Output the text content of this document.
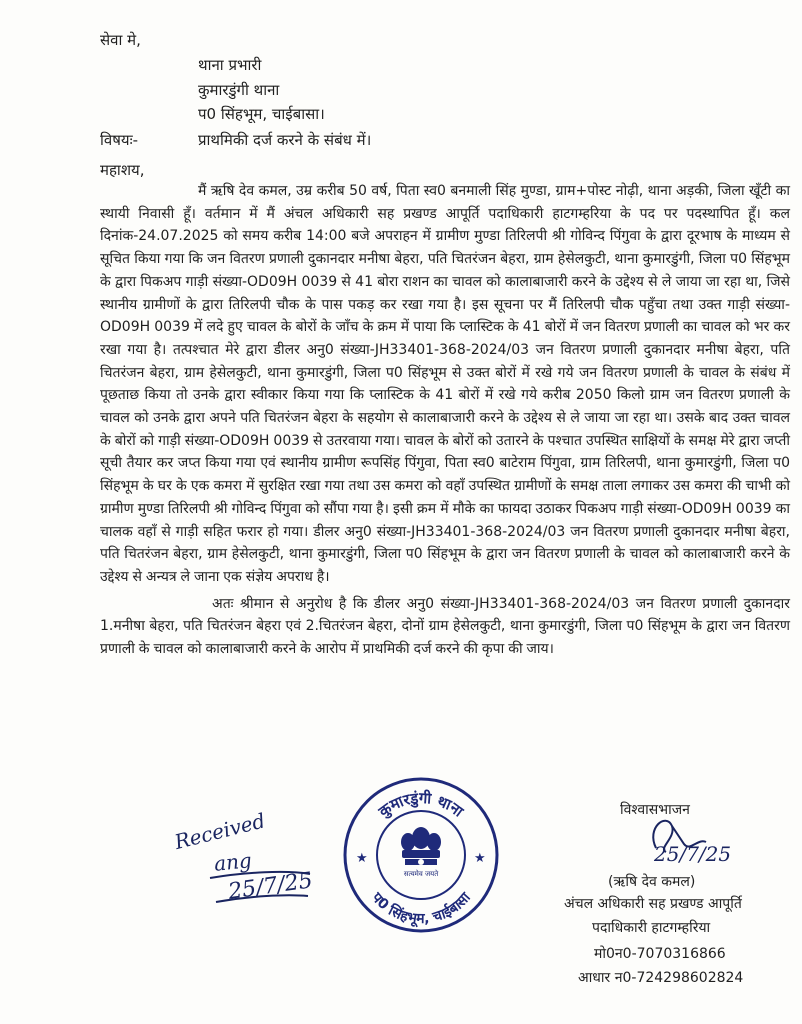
सेवा मे,
थाना प्रभारी
कुमारडुंगी थाना
प0 सिंहभूम, चाईबासा।
विषयः-	प्राथमिकी दर्ज करने के संबंध में।
महाशय,

मैं ऋषि देव कमल, उम्र करीब 50 वर्ष, पिता स्व0 बनमाली सिंह मुण्डा, ग्राम+पोस्ट नोढ़ी, थाना अड़की, जिला खूँटी का स्थायी निवासी हूँ। वर्तमान में मैं अंचल अधिकारी सह प्रखण्ड आपूर्ति पदाधिकारी हाटगम्हरिया के पद पर पदस्थापित हूँ। कल दिनांक-24.07.2025 को समय करीब 14:00 बजे अपराहन में ग्रामीण मुण्डा तिरिलपी श्री गोविन्द पिंगुवा के द्वारा दूरभाष के माध्यम से सूचित किया गया कि जन वितरण प्रणाली दुकानदार मनीषा बेहरा, पति चितरंजन बेहरा, ग्राम हेसेलकुटी, थाना कुमारडुंगी, जिला प0 सिंहभूम के द्वारा पिकअप गाड़ी संख्या-OD09H 0039 से 41 बोरा राशन का चावल को कालाबाजारी करने के उद्देश्य से ले जाया जा रहा था, जिसे स्थानीय ग्रामीणों के द्वारा तिरिलपी चौक के पास पकड़ कर रखा गया है। इस सूचना पर मैं तिरिलपी चौक पहुँचा तथा उक्त गाड़ी संख्या-OD09H 0039 में लदे हुए चावल के बोरों के जाँच के क्रम में पाया कि प्लास्टिक के 41 बोरों में जन वितरण प्रणाली का चावल को भर कर रखा गया है। तत्पश्चात मेरे द्वारा डीलर अनु0 संख्या-JH33401-368-2024/03 जन वितरण प्रणाली दुकानदार मनीषा बेहरा, पति चितरंजन बेहरा, ग्राम हेसेलकुटी, थाना कुमारडुंगी, जिला प0 सिंहभूम से उक्त बोरों में रखे गये जन वितरण प्रणाली के चावल के संबंध में पूछताछ किया तो उनके द्वारा स्वीकार किया गया कि प्लास्टिक के 41 बोरों में रखे गये करीब 2050 किलो ग्राम जन वितरण प्रणाली के चावल को उनके द्वारा अपने पति चितरंजन बेहरा के सहयोग से कालाबाजारी करने के उद्देश्य से ले जाया जा रहा था। उसके बाद उक्त चावल के बोरों को गाड़ी संख्या-OD09H 0039 से उतरवाया गया। चावल के बोरों को उतारने के पश्चात उपस्थित साक्षियों के समक्ष मेरे द्वारा जप्ती सूची तैयार कर जप्त किया गया एवं स्थानीय ग्रामीण रूपसिंह पिंगुवा, पिता स्व0 बाटेराम पिंगुवा, ग्राम तिरिलपी, थाना कुमारडुंगी, जिला प0 सिंहभूम के घर के एक कमरा में सुरक्षित रखा गया तथा उस कमरा को वहाँ उपस्थित ग्रामीणों के समक्ष ताला लगाकर उस कमरा की चाभी को ग्रामीण मुण्डा तिरिलपी श्री गोविन्द पिंगुवा को सौंपा गया है। इसी क्रम में मौके का फायदा उठाकर पिकअप गाड़ी संख्या-OD09H 0039 का चालक वहाँ से गाड़ी सहित फरार हो गया। डीलर अनु0 संख्या-JH33401-368-2024/03 जन वितरण प्रणाली दुकानदार मनीषा बेहरा, पति चितरंजन बेहरा, ग्राम हेसेलकुटी, थाना कुमारडुंगी, जिला प0 सिंहभूम के द्वारा जन वितरण प्रणाली के चावल को कालाबाजारी करने के उद्देश्य से अन्यत्र ले जाना एक संज्ञेय अपराध है।

अतः श्रीमान से अनुरोध है कि डीलर अनु0 संख्या-JH33401-368-2024/03 जन वितरण प्रणाली दुकानदार 1.मनीषा बेहरा, पति चितरंजन बेहरा एवं 2.चितरंजन बेहरा, दोनों ग्राम हेसेलकुटी, थाना कुमारडुंगी, जिला प0 सिंहभूम के द्वारा जन वितरण प्रणाली के चावल को कालाबाजारी करने के आरोप में प्राथमिकी दर्ज करने की कृपा की जाय।

Received
ang
25/7/25
कुमारडुंगी थाना
प0 सिंहभूम, चाईबासा
★	★
सत्यमेव जयते
विश्वासभाजन
25/7/25
(ऋषि देव कमल)
अंचल अधिकारी सह प्रखण्ड आपूर्ति
पदाधिकारी हाटगम्हरिया
मो0न0-7070316866
आधार न0-724298602824
